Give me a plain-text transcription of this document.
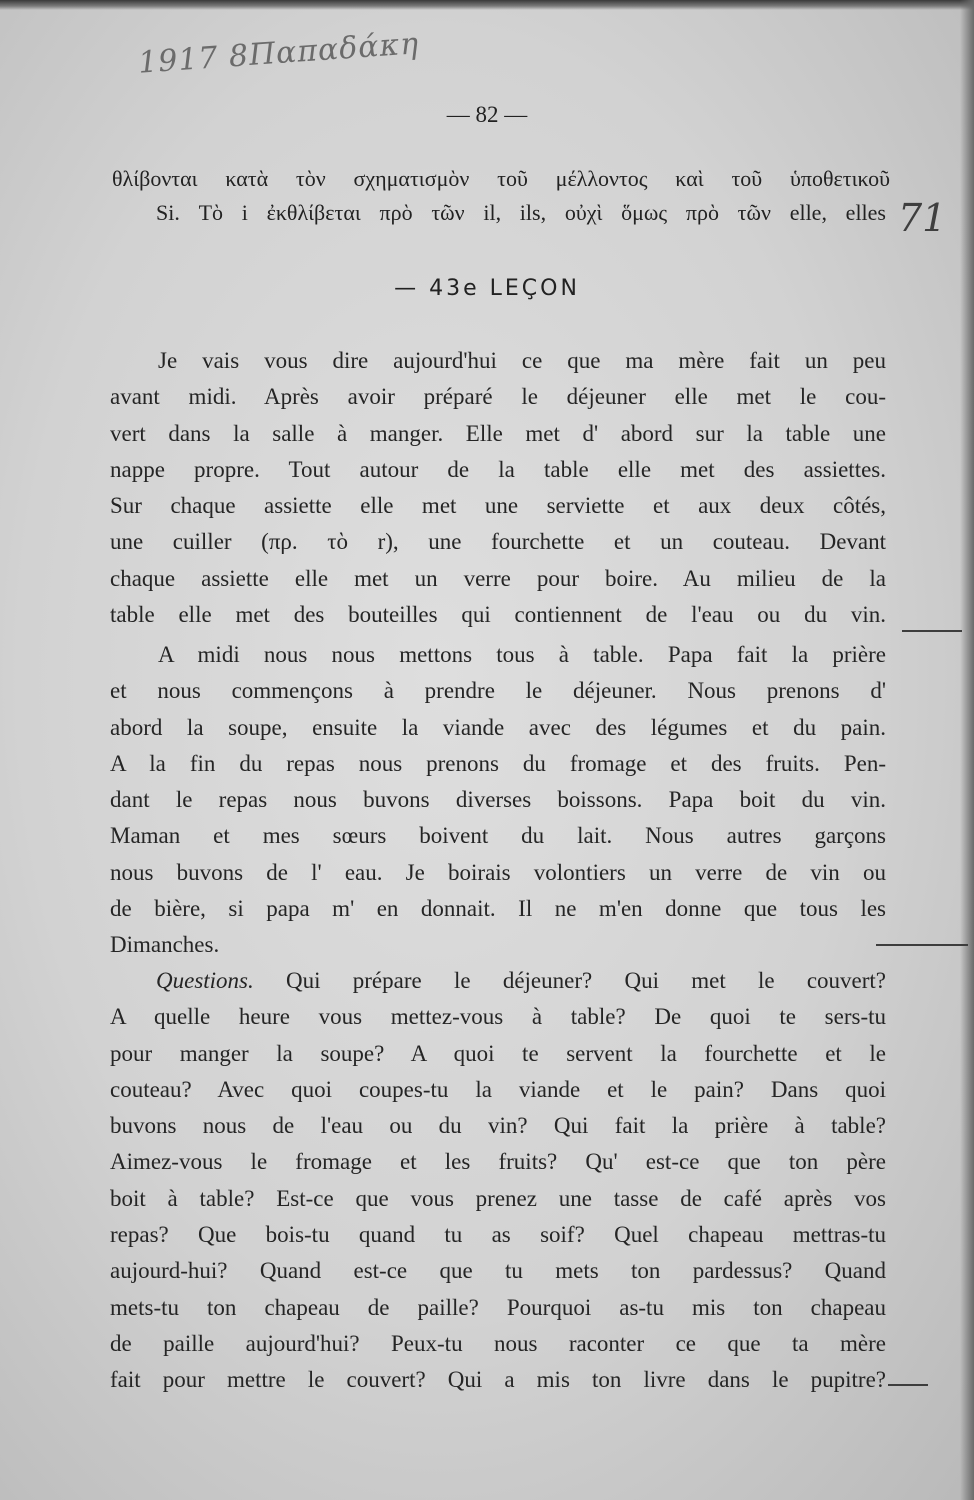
1917 8Παπαδάκη
71
— 82 —
θλίβονται κατὰ τὸν σχηματισμὸν τοῦ μέλλοντος καὶ τοῦ ὑποθετικοῦ
Si. Τὸ i ἐκθλίβεται πρὸ τῶν il, ils, οὐχὶ ὅμως πρὸ τῶν elle, elles
— 43e LEÇON
Je vais vous dire aujourd'hui ce que ma mère fait un peu
avant midi. Après avoir préparé le déjeuner elle met le cou-
vert dans la salle à manger. Elle met d' abord sur la table une
nappe propre. Tout autour de la table elle met des assiettes.
Sur chaque assiette elle met une serviette et aux deux côtés,
une cuiller (πρ. τὸ r), une fourchette et un couteau. Devant
chaque assiette elle met un verre pour boire. Au milieu de la
table elle met des bouteilles qui contiennent de l'eau ou du vin.
A midi nous nous mettons tous à table. Papa fait la prière
et nous commençons à prendre le déjeuner. Nous prenons d'
abord la soupe, ensuite la viande avec des légumes et du pain.
A la fin du repas nous prenons du fromage et des fruits. Pen-
dant le repas nous buvons diverses boissons. Papa boit du vin.
Maman et mes sœurs boivent du lait. Nous autres garçons
nous buvons de l' eau. Je boirais volontiers un verre de vin ou
de bière, si papa m' en donnait. Il ne m'en donne que tous les
Dimanches.
Questions. Qui prépare le déjeuner? Qui met le couvert?
A quelle heure vous mettez-vous à table? De quoi te sers-tu
pour manger la soupe? A quoi te servent la fourchette et le
couteau? Avec quoi coupes-tu la viande et le pain? Dans quoi
buvons nous de l'eau ou du vin? Qui fait la prière à table?
Aimez-vous le fromage et les fruits? Qu' est-ce que ton père
boit à table? Est-ce que vous prenez une tasse de café après vos
repas? Que bois-tu quand tu as soif? Quel chapeau mettras-tu
aujourd-hui? Quand est-ce que tu mets ton pardessus? Quand
mets-tu ton chapeau de paille? Pourquoi as-tu mis ton chapeau
de paille aujourd'hui? Peux-tu nous raconter ce que ta mère
fait pour mettre le couvert? Qui a mis ton livre dans le pupitre?
